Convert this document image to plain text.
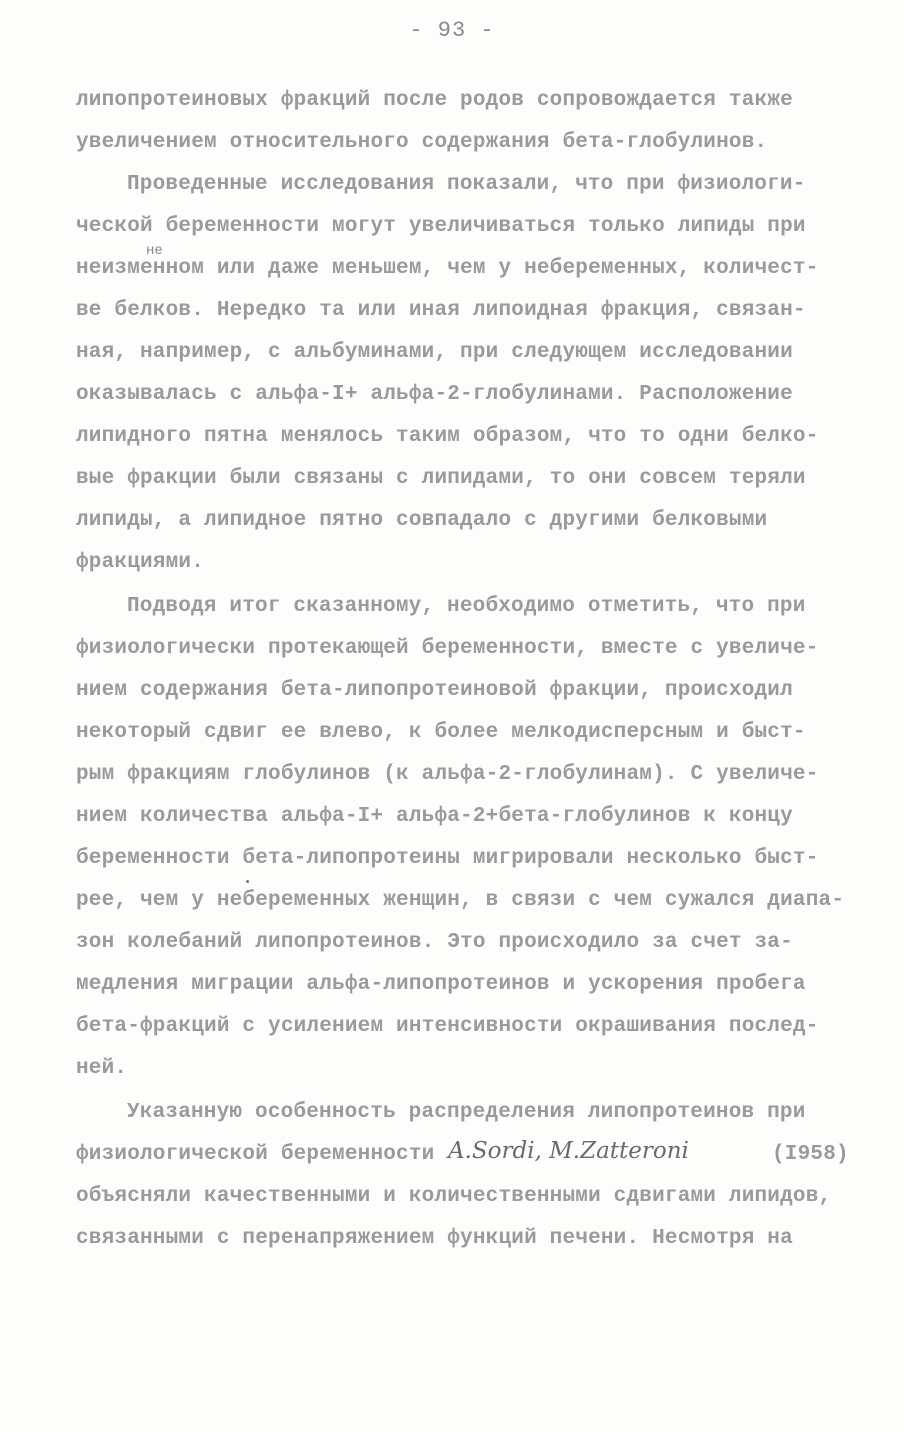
- 93 -
липопротеиновых фракций после родов сопровождается также
увеличением относительного содержания бета-глобулинов.
Проведенные исследования показали, что при физиологи-
ческой беременности могут увеличиваться только липиды при
не
неизменном или даже меньшем, чем у небеременных, количест-
ве белков. Нередко та или иная липоидная фракция, связан-
ная, например, с альбуминами, при следующем исследовании
оказывалась с альфа-I+ альфа-2-глобулинами. Расположение
липидного пятна менялось таким образом, что то одни белко-
вые фракции были связаны с липидами, то они совсем теряли
липиды, а липидное пятно совпадало с другими белковыми
фракциями.
Подводя итог сказанному, необходимо отметить, что при
физиологически протекающей беременности, вместе с увеличе-
нием содержания бета-липопротеиновой фракции, происходил
некоторый сдвиг ее влево, к более мелкодисперсным и быст-
рым фракциям глобулинов (к альфа-2-глобулинам). С увеличе-
нием количества альфа-I+ альфа-2+бета-глобулинов к концу
беременности бета-липопротеины мигрировали несколько быст-
рее, чем у небеременных женщин, в связи с чем сужался диапа-
зон колебаний липопротеинов. Это происходило за счет за-
медления миграции альфа-липопротеинов и ускорения пробега
бета-фракций с усилением интенсивности окрашивания послед-
ней.
Указанную особенность распределения липопротеинов при
физиологической беременности A.Sordi, M.Zatteroni	(I958)
объясняли качественными и количественными сдвигами липидов,
связанными с перенапряжением функций печени. Несмотря на
